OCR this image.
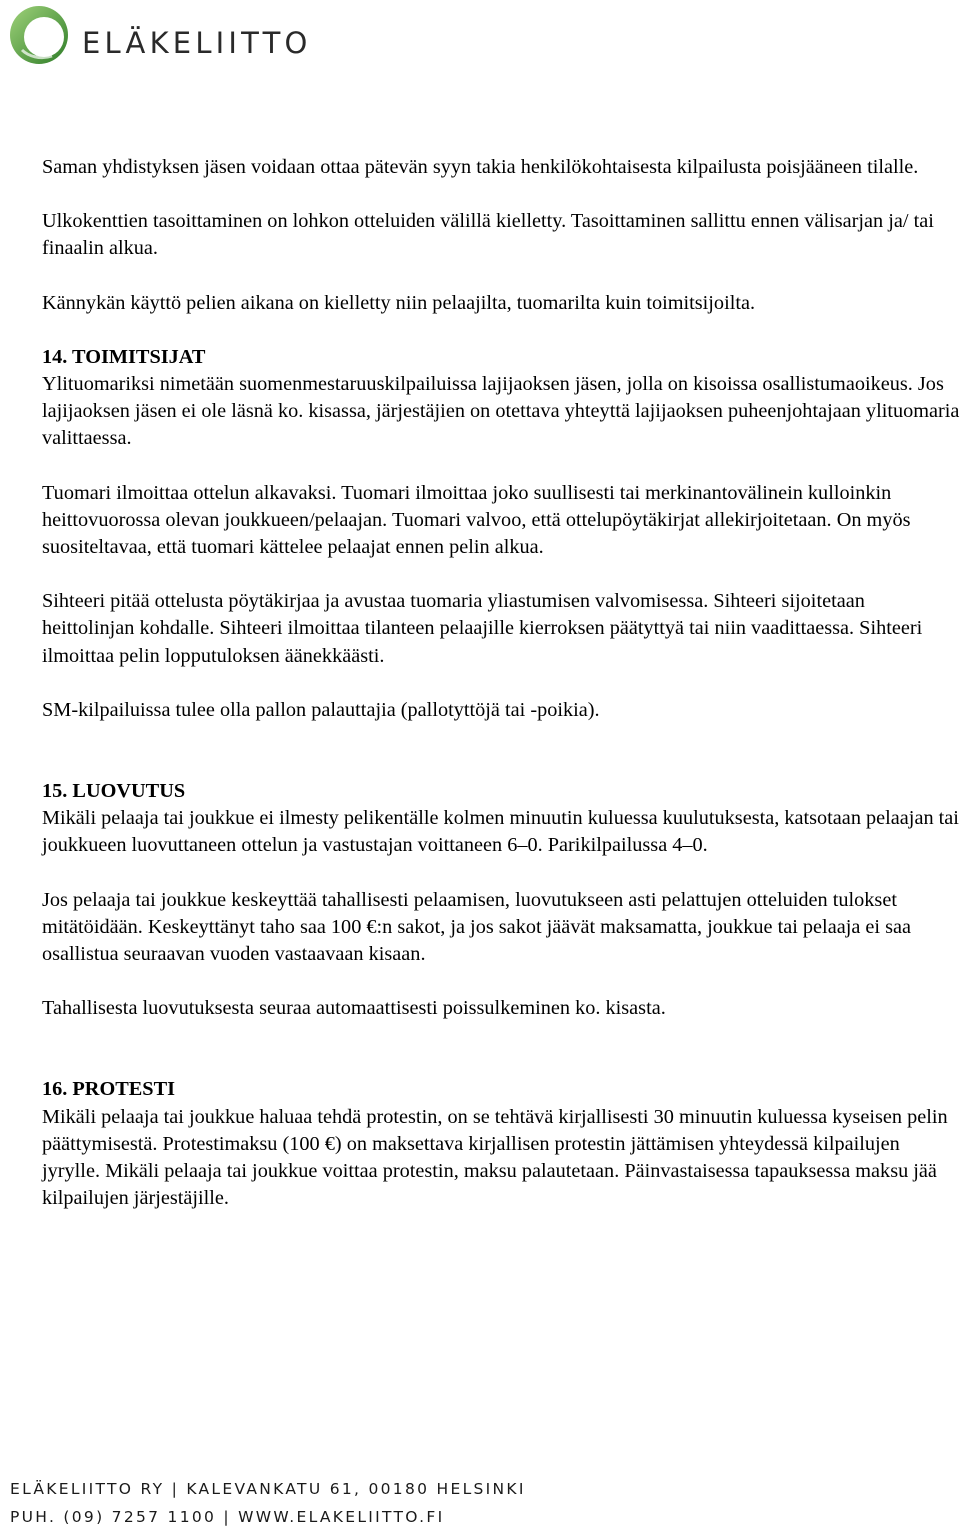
ELÄKELIITTO

Saman yhdistyksen jäsen voidaan ottaa pätevän syyn takia henkilökohtaisesta kilpailusta poisjääneen tilalle.

Ulkokenttien tasoittaminen on lohkon otteluiden välillä kielletty. Tasoittaminen sallittu ennen välisarjan ja/ tai finaalin alkua.

Kännykän käyttö pelien aikana on kielletty niin pelaajilta, tuomarilta kuin toimitsijoilta.

14. TOIMITSIJAT

Ylituomariksi nimetään suomenmestaruuskilpailuissa lajijaoksen jäsen, jolla on kisoissa osallistumaoikeus. Jos lajijaoksen jäsen ei ole läsnä ko. kisassa, järjestäjien on otettava yhteyttä lajijaoksen puheenjohtajaan ylituomaria valittaessa.

Tuomari ilmoittaa ottelun alkavaksi. Tuomari ilmoittaa joko suullisesti tai merkinantovälinein kulloinkin heittovuorossa olevan joukkueen/pelaajan. Tuomari valvoo, että ottelupöytäkirjat allekirjoitetaan. On myös suositeltavaa, että tuomari kättelee pelaajat ennen pelin alkua.

Sihteeri pitää ottelusta pöytäkirjaa ja avustaa tuomaria yliastumisen valvomisessa. Sihteeri sijoitetaan heittolinjan kohdalle. Sihteeri ilmoittaa tilanteen pelaajille kierroksen päätyttyä tai niin vaadittaessa. Sihteeri ilmoittaa pelin lopputuloksen äänekkäästi.

SM-kilpailuissa tulee olla pallon palauttajia (pallotyttöjä tai -poikia).

15. LUOVUTUS

Mikäli pelaaja tai joukkue ei ilmesty pelikentälle kolmen minuutin kuluessa kuulutuksesta, katsotaan pelaajan tai joukkueen luovuttaneen ottelun ja vastustajan voittaneen 6–0. Parikilpailussa 4–0.

Jos pelaaja tai joukkue keskeyttää tahallisesti pelaamisen, luovutukseen asti pelattujen otteluiden tulokset mitätöidään. Keskeyttänyt taho saa 100 €:n sakot, ja jos sakot jäävät maksamatta, joukkue tai pelaaja ei saa osallistua seuraavan vuoden vastaavaan kisaan.

Tahallisesta luovutuksesta seuraa automaattisesti poissulkeminen ko. kisasta.

16. PROTESTI

Mikäli pelaaja tai joukkue haluaa tehdä protestin, on se tehtävä kirjallisesti 30 minuutin kuluessa kyseisen pelin päättymisestä. Protestimaksu (100 €) on maksettava kirjallisen protestin jättämisen yhteydessä kilpailujen jyrylle. Mikäli pelaaja tai joukkue voittaa protestin, maksu palautetaan. Päinvastaisessa tapauksessa maksu jää kilpailujen järjestäjille.

ELÄKELIITTO RY | KALEVANKATU 61, 00180 HELSINKI
PUH. (09) 7257 1100 | WWW.ELAKELIITTO.FI
